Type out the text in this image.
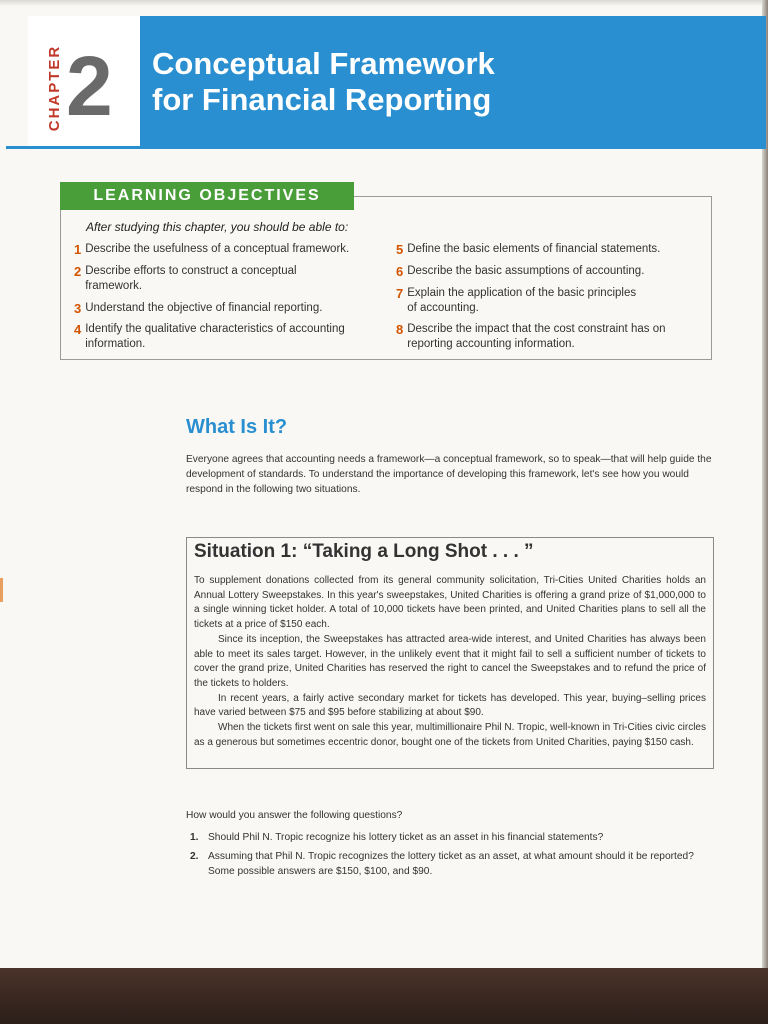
CHAPTER 2 Conceptual Framework
for Financial Reporting
LEARNING OBJECTIVES
After studying this chapter, you should be able to:
1 Describe the usefulness of a conceptual framework.
2 Describe efforts to construct a conceptual
framework.
3 Understand the objective of financial reporting.
4 Identify the qualitative characteristics of accounting
information.
5 Define the basic elements of financial statements.
6 Describe the basic assumptions of accounting.
7 Explain the application of the basic principles
of accounting.
8 Describe the impact that the cost constraint has on
reporting accounting information.
What Is It?
Everyone agrees that accounting needs a framework—a conceptual framework, so to speak—that will help guide the development of standards. To understand the importance of developing this framework, let's see how you would respond in the following two situations.
Situation 1: “Taking a Long Shot . . . ”

To supplement donations collected from its general community solicitation, Tri-Cities United Charities holds an Annual Lottery Sweepstakes. In this year's sweepstakes, United Charities is offering a grand prize of $1,000,000 to a single winning ticket holder. A total of 10,000 tickets have been printed, and United Charities plans to sell all the tickets at a price of $150 each.

Since its inception, the Sweepstakes has attracted area-wide interest, and United Charities has always been able to meet its sales target. However, in the unlikely event that it might fail to sell a sufficient number of tickets to cover the grand prize, United Charities has reserved the right to cancel the Sweepstakes and to refund the price of the tickets to holders.

In recent years, a fairly active secondary market for tickets has developed. This year, buying–selling prices have varied between $75 and $95 before stabilizing at about $90.

When the tickets first went on sale this year, multimillionaire Phil N. Tropic, well-known in Tri-Cities civic circles as a generous but sometimes eccentric donor, bought one of the tickets from United Charities, paying $150 cash.

How would you answer the following questions?
1. Should Phil N. Tropic recognize his lottery ticket as an asset in his financial statements?
2. Assuming that Phil N. Tropic recognizes the lottery ticket as an asset, at what amount should it be reported? Some possible answers are $150, $100, and $90.
